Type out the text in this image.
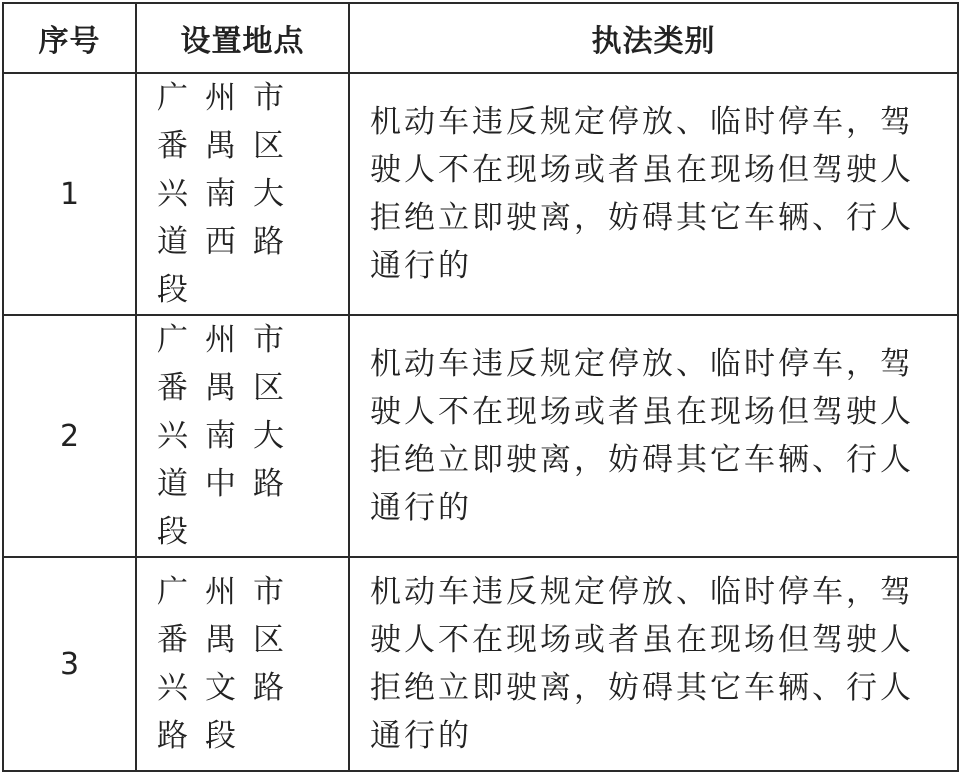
序号	设置地点	执法类别
1	广州市番禺区兴南大道西路段	机动车违反规定停放、临时停车，驾驶人不在现场或者虽在现场但驾驶人拒绝立即驶离，妨碍其它车辆、行人通行的
2	广州市番禺区兴南大道中路段	机动车违反规定停放、临时停车，驾驶人不在现场或者虽在现场但驾驶人拒绝立即驶离，妨碍其它车辆、行人通行的
3	广州市番禺区兴文路路段	机动车违反规定停放、临时停车，驾驶人不在现场或者虽在现场但驾驶人拒绝立即驶离，妨碍其它车辆、行人通行的
